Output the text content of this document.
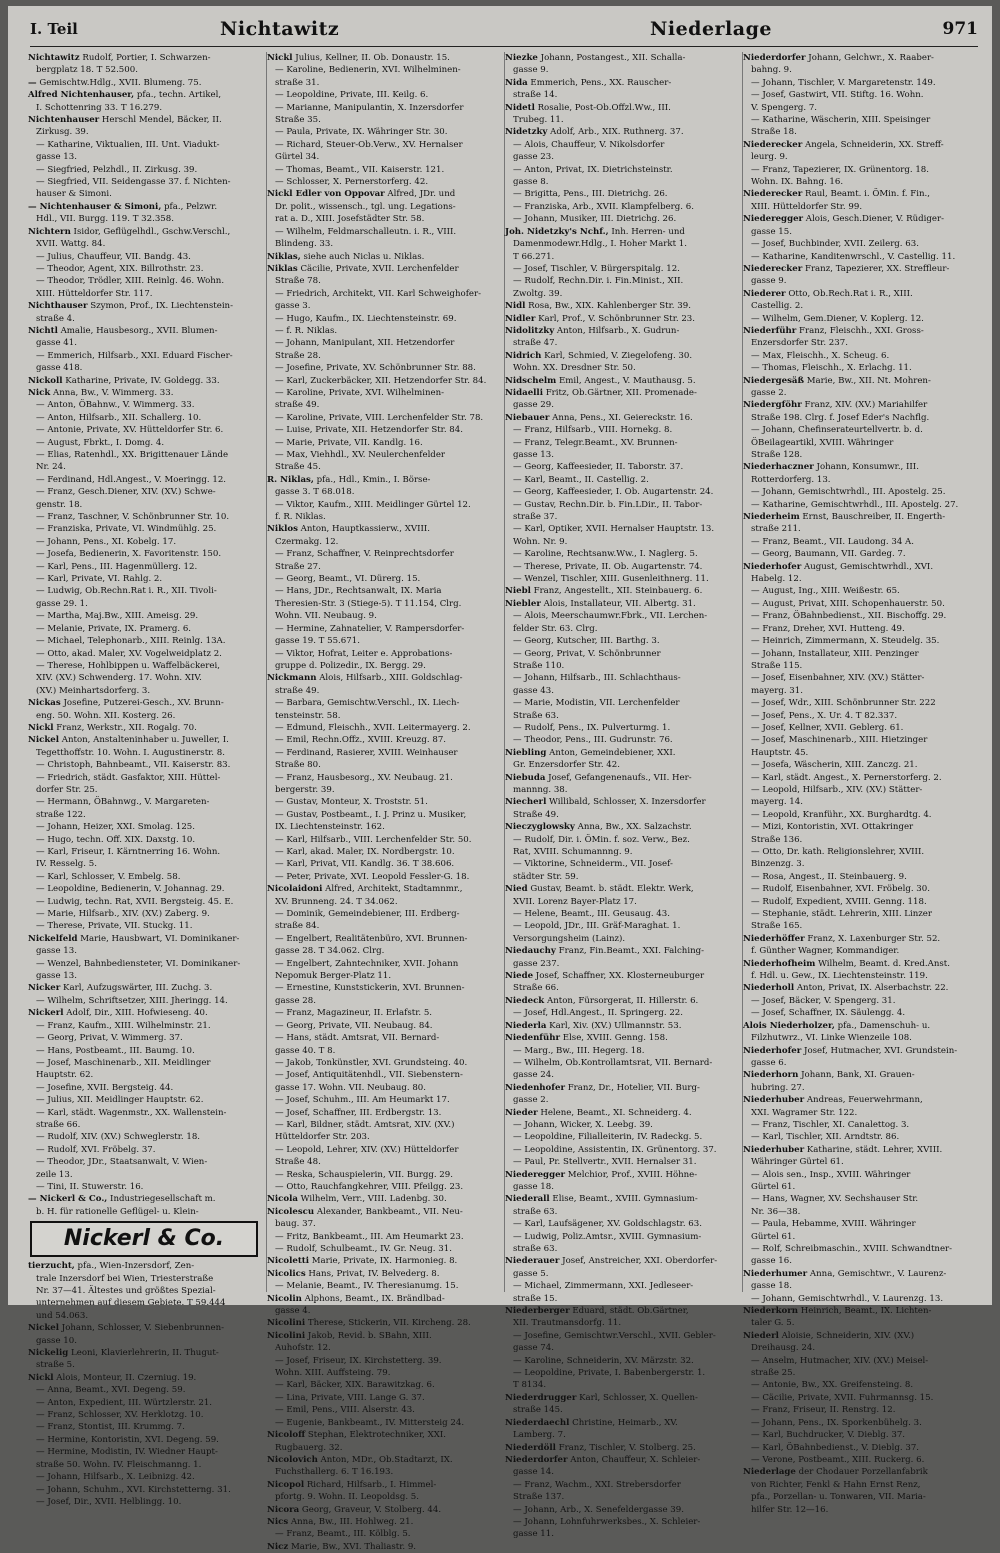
I. Teil	Nichtawitz	Niederlage	971
Nichtawitz Rudolf, Portier, I. Schwarzen-
bergplatz 18. T 52.500.
— Gemischtw.Hdlg., XVII. Blumeng. 75.
Alfred Nichtenhauser, pfa., techn. Artikel,
I. Schottenring 33. T 16.279.
Nichtenhauser Herschl Mendel, Bäcker, II.
Zirkusg. 39.
— Katharine, Viktualien, III. Unt. Viadukt-
gasse 13.
— Siegfried, Pelzhdl., II. Zirkusg. 39.
— Siegfried, VII. Seidengasse 37. f. Nichten-
hauser & Simoni.
— Nichtenhauser & Simoni, pfa., Pelzwr.
Hdl., VII. Burgg. 119. T 32.358.
Nichtern Isidor, Geflügelhdl., Gschw.Verschl.,
XVII. Wattg. 84.
— Julius, Chauffeur, VII. Bandg. 43.
— Theodor, Agent, XIX. Billrothstr. 23.
— Theodor, Trödler, XIII. Reinlg. 46. Wohn.
XIII. Hütteldorfer Str. 117.
Nichthauser Szymon, Prof., IX. Liechtenstein-
straße 4.
Nichtl Amalie, Hausbesorg., XVII. Blumen-
gasse 41.
— Emmerich, Hilfsarb., XXI. Eduard Fischer-
gasse 418.
Nickoll Katharine, Private, IV. Goldegg. 33.
Nick Anna, Bw., V. Wimmerg. 33.
— Anton, ÖBahnw., V. Wimmerg. 33.
— Anton, Hilfsarb., XII. Schallerg. 10.
— Antonie, Private, XV. Hütteldorfer Str. 6.
— August, Fbrkt., I. Domg. 4.
— Elias, Ratenhdl., XX. Brigittenauer Lände
Nr. 24.
— Ferdinand, Hdl.Angest., V. Moeringg. 12.
— Franz, Gesch.Diener, XIV. (XV.) Schwe-
genstr. 18.
— Franz, Taschner, V. Schönbrunner Str. 10.
— Franziska, Private, VI. Windmühlg. 25.
— Johann, Pens., XI. Kobelg. 17.
— Josefa, Bedienerin, X. Favoritenstr. 150.
— Karl, Pens., III. Hagenmüllerg. 12.
— Karl, Private, VI. Rahlg. 2.
— Ludwig, Ob.Rechn.Rat i. R., XII. Tivoli-
gasse 29. 1.
— Martha, Maj.Bw., XIII. Ameisg. 29.
— Melanie, Private, IX. Pramerg. 6.
— Michael, Telephonarb., XIII. Reinlg. 13A.
— Otto, akad. Maler, XV. Vogelweidplatz 2.
— Therese, Hohlbippen u. Waffelbäckerei,
XIV. (XV.) Schwenderg. 17. Wohn. XIV.
(XV.) Meinhartsdorferg. 3.
Nickas Josefine, Putzerei-Gesch., XV. Brunn-
eng. 50. Wohn. XII. Kosterg. 26.
Nickl Franz, Werkstr., XII. Rogalg. 70.
Nickel Anton, Anstalteninhaber u. Juweller, I.
Tegetthoffstr. 10. Wohn. I. Augustinerstr. 8.
— Christoph, Bahnbeamt., VII. Kaiserstr. 83.
— Friedrich, städt. Gasfaktor, XIII. Hüttel-
dorfer Str. 25.
— Hermann, ÖBahnwg., V. Margareten-
straße 122.
— Johann, Heizer, XXI. Smolag. 125.
— Hugo, techn. Off. XIX. Daxstg. 10.
— Karl, Friseur, I. Kärntnerring 16. Wohn.
IV. Resselg. 5.
— Karl, Schlosser, V. Embelg. 58.
— Leopoldine, Bedienerin, V. Johannag. 29.
— Ludwig, techn. Rat, XVII. Bergsteig. 45. E.
— Marie, Hilfsarb., XIV. (XV.) Zaberg. 9.
— Therese, Private, VII. Stuckg. 11.
Nickelfeld Marie, Hausbwart, VI. Dominikaner-
gasse 13.
— Wenzel, Bahnbediensteter, VI. Dominikaner-
gasse 13.
Nicker Karl, Aufzugswärter, III. Zuchg. 3.
— Wilhelm, Schriftsetzer, XIII. Jheringg. 14.
Nickerl Adolf, Dir., XIII. Hofwieseng. 40.
— Franz, Kaufm., XIII. Wilhelminstr. 21.
— Georg, Privat, V. Wimmerg. 37.
— Hans, Postbeamt., III. Baumg. 10.
— Josef, Maschinenarb., XII. Meidlinger
Hauptstr. 62.
— Josefine, XVII. Bergsteig. 44.
— Julius, XII. Meidlinger Hauptstr. 62.
— Karl, städt. Wagenmstr., XX. Wallenstein-
straße 66.
— Rudolf, XIV. (XV.) Schweglerstr. 18.
— Rudolf, XVI. Fröbelg. 37.
— Theodor, JDr., Staatsanwalt, V. Wien-
zeile 13.
— Tini, II. Stuwerstr. 16.
— Nickerl & Co., Industriegesellschaft m.
b. H. für rationelle Geflügel- u. Klein-
Nickerl & Co.
tierzucht, pfa., Wien-Inzersdorf, Zen-
trale Inzersdorf bei Wien, Triesterstraße
Nr. 37—41. Ältestes und größtes Spezial-
unternehmen auf diesem Gebiete. T 59.444
und 54.063.
Nickel Johann, Schlosser, V. Siebenbrunnen-
gasse 10.
Nickelig Leoni, Klavierlehrerin, II. Thugut-
straße 5.
Nickl Alois, Monteur, II. Czerniug. 19.
— Anna, Beamt., XVI. Degeng. 59.
— Anton, Expedient, III. Würtzlerstr. 21.
— Franz, Schlosser, XV. Herklotzg. 10.
— Franz, Stontist, III. Krummg. 7.
— Hermine, Kontoristin, XVI. Degeng. 59.
— Hermine, Modistin, IV. Wiedner Haupt-
straße 50. Wohn. IV. Fleischmanng. 1.
— Johann, Hilfsarb., X. Leibnizg. 42.
— Johann, Schuhm., XVI. Kirchstetterng. 31.
— Josef, Dir., XVII. Helblingg. 10.
Nickl Julius, Kellner, II. Ob. Donaustr. 15.
— Karoline, Bedienerin, XVI. Wilhelminen-
straße 31.
— Leopoldine, Private, III. Keilg. 6.
— Marianne, Manipulantin, X. Inzersdorfer
Straße 35.
— Paula, Private, IX. Währinger Str. 30.
— Richard, Steuer-Ob.Verw., XV. Hernalser
Gürtel 34.
— Thomas, Beamt., VII. Kaiserstr. 121.
— Schlosser, X. Pernerstorferg. 42.
Nickl Edler von Oppovar Alfred, JDr. und
Dr. polit., wissensch., tgl. ung. Legations-
rat a. D., XIII. Josefstädter Str. 58.
— Wilhelm, Feldmarschalleutn. i. R., VIII.
Blindeng. 33.
Niklas, siehe auch Niclas u. Niklas.
Niklas Cäcilie, Private, XVII. Lerchenfelder
Straße 78.
— Friedrich, Architekt, VII. Karl Schweighofer-
gasse 3.
— Hugo, Kaufm., IX. Liechtensteinstr. 69.
— f. R. Niklas.
— Johann, Manipulant, XII. Hetzendorfer
Straße 28.
— Josefine, Private, XV. Schönbrunner Str. 88.
— Karl, Zuckerbäcker, XII. Hetzendorfer Str. 84.
— Karoline, Private, XVI. Wilhelminen-
straße 49.
— Karoline, Private, VIII. Lerchenfelder Str. 78.
— Luise, Private, XII. Hetzendorfer Str. 84.
— Marie, Private, VII. Kandlg. 16.
— Max, Viehhdl., XV. Neulerchenfelder
Straße 45.
R. Niklas, pfa., Hdl., Kmin., I. Börse-
gasse 3. T 68.018.
— Viktor, Kaufm., XIII. Meidlinger Gürtel 12.
f. R. Niklas.
Niklos Anton, Hauptkassierw., XVIII.
Czermakg. 12.
— Franz, Schaffner, V. Reinprechtsdorfer
Straße 27.
— Georg, Beamt., VI. Dürerg. 15.
— Hans, JDr., Rechtsanwalt, IX. Maria
Theresien-Str. 3 (Stiege-5). T 11.154, Clrg.
Wohn. VII. Neubaug. 9.
— Hermine, Zahnatelier, V. Rampersdorfer-
gasse 19. T 55.671.
— Viktor, Hofrat, Leiter e. Approbations-
gruppe d. Polizedir., IX. Bergg. 29.
Nickmann Alois, Hilfsarb., XIII. Goldschlag-
straße 49.
— Barbara, Gemischtw.Verschl., IX. Liech-
tensteinstr. 58.
— Edmund, Fleischh., XVII. Leitermayerg. 2.
— Emil, Rechn.Offz., XVIII. Kreuzg. 87.
— Ferdinand, Rasierer, XVIII. Weinhauser
Straße 80.
— Franz, Hausbesorg., XV. Neubaug. 21.
bergerstr. 39.
— Gustav, Monteur, X. Troststr. 51.
— Gustav, Postbeamt., I. J. Prinz u. Musiker,
IX. Liechtensteinstr. 162.
— Karl, Hilfsarb., VIII. Lerchenfelder Str. 50.
— Karl, akad. Maler, IX. Nordbergstr. 10.
— Karl, Privat, VII. Kandlg. 36. T 38.606.
— Peter, Private, XVI. Leopold Fessler-G. 18.
Nicolaidoni Alfred, Architekt, Stadtamnmr.,
XV. Brunneng. 24. T 34.062.
— Dominik, Gemeindebiener, III. Erdberg-
straße 84.
— Engelbert, Realitätenbüro, XVI. Brunnen-
gasse 28. T 34.062. Clrg.
— Engelbert, Zahntechniker, XVII. Johann
Nepomuk Berger-Platz 11.
— Ernestine, Kunststickerin, XVI. Brunnen-
gasse 28.
— Franz, Magazineur, II. Erlafstr. 5.
— Georg, Private, VII. Neubaug. 84.
— Hans, städt. Amtsrat, VII. Bernard-
gasse 40. T 8.
— Jakob, Tonkünstler, XVI. Grundsteing. 40.
— Josef, Antiquitätenhdl., VII. Siebenstern-
gasse 17. Wohn. VII. Neubaug. 80.
— Josef, Schuhm., III. Am Heumarkt 17.
— Josef, Schaffner, III. Erdbergstr. 13.
— Karl, Bildner, städt. Amtsrat, XIV. (XV.)
Hütteldorfer Str. 203.
— Leopold, Lehrer, XIV. (XV.) Hütteldorfer
Straße 48.
— Reska, Schauspielerin, VII. Burgg. 29.
— Otto, Rauchfangkehrer, VIII. Pfeilgg. 23.
Nicola Wilhelm, Verr., VIII. Ladenbg. 30.
Nicolescu Alexander, Bankbeamt., VII. Neu-
baug. 37.
— Fritz, Bankbeamt., III. Am Heumarkt 23.
— Rudolf, Schulbeamt., IV. Gr. Neug. 31.
Nicoletti Marie, Private, IX. Harmonieg. 8.
Nicolics Hans, Privat, IV. Belvederg. 8.
— Melanie, Beamt., IV. Theresianumg. 15.
Nicolin Alphons, Beamt., IX. Brändlbad-
gasse 4.
Nicolini Therese, Stickerin, VII. Kircheng. 28.
Nicolini Jakob, Revid. b. SBahn, XIII.
Auhofstr. 12.
— Josef, Friseur, IX. Kirchstetterg. 39.
Wohn. XIII. Auffsteing. 79.
— Karl, Bäcker, XIX. Barawitzkag. 6.
— Lina, Private, VIII. Lange G. 37.
— Emil, Pens., VIII. Alserstr. 43.
— Eugenie, Bankbeamt., IV. Mittersteig 24.
Nicoloff Stephan, Elektrotechniker, XXI.
Rugbauerg. 32.
Nicolovich Anton, MDr., Ob.Stadtarzt, IX.
Fuchsthallerg. 6. T 16.193.
Nicopol Richard, Hilfsarb., I. Himmel-
pfortg. 9. Wohn. II. Leopoldsg. 5.
Nicora Georg, Graveur, V. Stolberg. 44.
Nics Anna, Bw., III. Hohlweg. 21.
— Franz, Beamt., III. Kölblg. 5.
Nicz Marie, Bw., XVI. Thaliastr. 9.
Niezke Johann, Postangest., XII. Schalla-
gasse 9.
Nida Emmerich, Pens., XX. Rauscher-
straße 14.
Nidetl Rosalie, Post-Ob.Offzl.Ww., III.
Trubeg. 11.
Nidetzky Adolf, Arb., XIX. Ruthnerg. 37.
— Alois, Chauffeur, V. Nikolsdorfer
gasse 23.
— Anton, Privat, IX. Dietrichsteinstr.
gasse 8.
— Brigitta, Pens., III. Dietrichg. 26.
— Franziska, Arb., XVII. Klampfelberg. 6.
— Johann, Musiker, III. Dietrichg. 26.
Joh. Nidetzky's Nchf., Inh. Herren- und
Damenmodewr.Hdlg., I. Hoher Markt 1.
T 66.271.
— Josef, Tischler, V. Bürgerspitalg. 12.
— Rudolf, Rechn.Dir. i. Fin.Minist., XII.
Zwoltg. 39.
Nidl Rosa, Bw., XIX. Kahlenberger Str. 39.
Nidler Karl, Prof., V. Schönbrunner Str. 23.
Nidolitzky Anton, Hilfsarb., X. Gudrun-
straße 47.
Nidrich Karl, Schmied, V. Ziegelofeng. 30.
Wohn. XX. Dresdner Str. 50.
Nidschelm Emil, Angest., V. Mauthausg. 5.
Nidaelli Fritz, Ob.Gärtner, XII. Promenade-
gasse 29.
Niebauer Anna, Pens., XI. Geiereckstr. 16.
— Franz, Hilfsarb., VIII. Hornekg. 8.
— Franz, Telegr.Beamt., XV. Brunnen-
gasse 13.
— Georg, Kaffeesieder, II. Taborstr. 37.
— Karl, Beamt., II. Castellig. 2.
— Georg, Kaffeesieder, I. Ob. Augartenstr. 24.
— Gustav, Rechn.Dir. b. Fin.LDir., II. Tabor-
straße 37.
— Karl, Optiker, XVII. Hernalser Hauptstr. 13.
Wohn. Nr. 9.
— Karoline, Rechtsanw.Ww., I. Naglerg. 5.
— Therese, Private, II. Ob. Augartenstr. 74.
— Wenzel, Tischler, XIII. Gusenleithnerg. 11.
Niebl Franz, Angestellt., XII. Steinbauerg. 6.
Niebler Alois, Installateur, VII. Albertg. 31.
— Alois, Meerschaumwr.Fbrk., VII. Lerchen-
felder Str. 63. Clrg.
— Georg, Kutscher, III. Barthg. 3.
— Georg, Privat, V. Schönbrunner
Straße 110.
— Johann, Hilfsarb., III. Schlachthaus-
gasse 43.
— Marie, Modistin, VII. Lerchenfelder
Straße 63.
— Rudolf, Pens., IX. Pulverturmg. 1.
— Theodor, Pens., III. Gudrunstr. 76.
Niebling Anton, Gemeindebiener, XXI.
Gr. Enzersdorfer Str. 42.
Niebuda Josef, Gefangenenaufs., VII. Her-
mannng. 38.
Niecherl Willibald, Schlosser, X. Inzersdorfer
Straße 49.
Nieczyglowsky Anna, Bw., XX. Salzachstr.
— Rudolf, Dir. i. ÖMin. f. soz. Verw., Bez.
Rat, XVIII. Schumannng. 9.
— Viktorine, Schneiderm., VII. Josef-
städter Str. 59.
Nied Gustav, Beamt. b. städt. Elektr. Werk,
XVII. Lorenz Bayer-Platz 17.
— Helene, Beamt., III. Geusaug. 43.
— Leopold, JDr., III. Gräf-Maraghat. 1.
Versorgungsheim (Lainz).
Niedauchy Franz, Fin.Beamt., XXI. Falching-
gasse 237.
Niede Josef, Schaffner, XX. Klosterneuburger
Straße 66.
Niedeck Anton, Fürsorgerat, II. Hillerstr. 6.
— Josef, Hdl.Angest., II. Springerg. 22.
Niederla Karl, Xiv. (XV.) Ullmannstr. 53.
Niedenführ Else, XVIII. Genng. 158.
— Marg., Bw., III. Hegerg. 18.
— Wilhelm, Ob.Kontrollamtsrat, VII. Bernard-
gasse 24.
Niedenhofer Franz, Dr., Hotelier, VII. Burg-
gasse 2.
Nieder Helene, Beamt., XI. Schneiderg. 4.
— Johann, Wicker, X. Leebg. 39.
— Leopoldine, Filialleiterin, IV. Radeckg. 5.
— Leopoldine, Assistentin, IX. Grünentorg. 37.
— Paul, Pr. Stellvertr., XVII. Hernalser 31.
Niederegger Melchior, Prof., XVIII. Höhne-
gasse 18.
Niederall Elise, Beamt., XVIII. Gymnasium-
straße 63.
— Karl, Laufsägener, XV. Goldschlagstr. 63.
— Ludwig, Poliz.Amtsr., XVIII. Gymnasium-
straße 63.
Niederauer Josef, Anstreicher, XXI. Oberdorfer-
gasse 5.
— Michael, Zimmermann, XXI. Jedleseer-
straße 15.
Niederberger Eduard, städt. Ob.Gärtner,
XII. Trautmansdorfg. 11.
— Josefine, Gemischtwr.Verschl., XVII. Gebler-
gasse 74.
— Karoline, Schneiderin, XV. Märzstr. 32.
— Leopoldine, Private, I. Babenbergerstr. 1.
T 8134.
Niederdrugger Karl, Schlosser, X. Quellen-
straße 145.
Niederdaechl Christine, Heimarb., XV.
Lamberg. 7.
Niederdöll Franz, Tischler, V. Stolberg. 25.
Niederdorfer Anton, Chauffeur, X. Schleier-
gasse 14.
— Franz, Wachm., XXI. Strebersdorfer
Straße 137.
— Johann, Arb., X. Senefeldergasse 39.
— Johann, Lohnfuhrwerksbes., X. Schleier-
gasse 11.
Niederdorfer Johann, Gelchwr., X. Raaber-
bahng. 9.
— Johann, Tischler, V. Margaretenstr. 149.
— Josef, Gastwirt, VII. Stiftg. 16. Wohn.
V. Spengerg. 7.
— Katharine, Wäscherin, XIII. Speisinger
Straße 18.
Niederecker Angela, Schneiderin, XX. Streff-
leurg. 9.
— Franz, Tapezierer, IX. Grünentorg. 18.
Wohn. IX. Bahng. 16.
Niederecker Raul, Beamt. i. ÖMin. f. Fin.,
XIII. Hütteldorfer Str. 99.
Niederegger Alois, Gesch.Diener, V. Rüdiger-
gasse 15.
— Josef, Buchbinder, XVII. Zeilerg. 63.
— Katharine, Kanditenwrschl., V. Castellig. 11.
Niederecker Franz, Tapezierer, XX. Streffleur-
gasse 9.
Niederer Otto, Ob.Rech.Rat i. R., XIII.
Castellig. 2.
— Wilhelm, Gem.Diener, V. Koplerg. 12.
Niederführ Franz, Fleischh., XXI. Gross-
Enzersdorfer Str. 237.
— Max, Fleischh., X. Scheug. 6.
— Thomas, Fleischh., X. Erlachg. 11.
Niedergesäß Marie, Bw., XII. Nt. Mohren-
gasse 2.
Niedergföhr Franz, XIV. (XV.) Mariahilfer
Straße 198. Clrg. f. Josef Eder's Nachflg.
— Johann, Chefinserateurtellvertr. b. d.
ÖBeilageartikl, XVIII. Währinger
Straße 128.
Niederhaczner Johann, Konsumwr., III.
Rotterdorferg. 13.
— Johann, Gemischtwrhdl., III. Apostelg. 25.
— Katharine, Gemischtwrhdl., III. Apostelg. 27.
Niederheim Ernst, Bauschreiber, II. Engerth-
straße 211.
— Franz, Beamt., VII. Laudong. 34 A.
— Georg, Baumann, VII. Gardeg. 7.
Niederhofer August, Gemischtwrhdl., XVI.
Habelg. 12.
— August, Ing., XIII. Weißestr. 65.
— August, Privat, XIII. Schopenhauerstr. 50.
— Franz, ÖBahnbedienst., XII. Bischoffg. 29.
— Franz, Dreher, XVI. Hutteng. 49.
— Heinrich, Zimmermann, X. Steudelg. 35.
— Johann, Installateur, XIII. Penzinger
Straße 115.
— Josef, Eisenbahner, XIV. (XV.) Stätter-
mayerg. 31.
— Josef, Wdr., XIII. Schönbrunner Str. 222
— Josef, Pens., X. Ur. 4. T 82.337.
— Josef, Kellner, XVII. Geblerg. 61.
— Josef, Maschinenarb., XIII. Hietzinger
Hauptstr. 45.
— Josefa, Wäscherin, XIII. Zanczg. 21.
— Karl, städt. Angest., X. Pernerstorferg. 2.
— Leopold, Hilfsarb., XIV. (XV.) Stätter-
mayerg. 14.
— Leopold, Kranführ., XX. Burghardtg. 4.
— Mizi, Kontoristin, XVI. Ottakringer
Straße 136.
— Otto, Dr. kath. Religionslehrer, XVIII.
Binzenzg. 3.
— Rosa, Angest., II. Steinbauerg. 9.
— Rudolf, Eisenbahner, XVI. Fröbelg. 30.
— Rudolf, Expedient, XVIII. Genng. 118.
— Stephanie, städt. Lehrerin, XIII. Linzer
Straße 165.
Niederhöffer Franz, X. Laxenburger Str. 52.
f. Günther Wagner, Kommandiger.
Niederhofheim Wilhelm, Beamt. d. Kred.Anst.
f. Hdl. u. Gew., IX. Liechtensteinstr. 119.
Niederholl Anton, Privat, IX. Alserbachstr. 22.
— Josef, Bäcker, V. Spengerg. 31.
— Josef, Schaffner, IX. Säulengg. 4.
Alois Niederholzer, pfa., Damenschuh- u.
Filzhutwrz., VI. Linke Wienzeile 108.
Niederhofer Josef, Hutmacher, XVI. Grundstein-
gasse 6.
Niederhorn Johann, Bank, XI. Grauen-
hubring. 27.
Niederhuber Andreas, Feuerwehrmann,
XXI. Wagramer Str. 122.
— Franz, Tischler, XI. Canalettog. 3.
— Karl, Tischler, XII. Arndtstr. 86.
Niederhuber Katharine, städt. Lehrer, XVIII.
Währinger Gürtel 61.
— Alois sen., Insp., XVIII. Währinger
Gürtel 61.
— Hans, Wagner, XV. Sechshauser Str.
Nr. 36—38.
— Paula, Hebamme, XVIII. Währinger
Gürtel 61.
— Rolf, Schreibmaschin., XVIII. Schwandtner-
gasse 16.
Niederhumer Anna, Gemischtwr., V. Laurenz-
gasse 18.
— Johann, Gemischtwrhdl., V. Laurenzg. 13.
Niederkorn Heinrich, Beamt., IX. Lichten-
taler G. 5.
Niederl Aloisie, Schneiderin, XIV. (XV.)
Dreihausg. 24.
— Anselm, Hutmacher, XIV. (XV.) Meisel-
straße 25.
— Antonie, Bw., XX. Greifensteing. 8.
— Cäcilie, Private, XVII. Fuhrmannsg. 15.
— Franz, Friseur, II. Renstrg. 12.
— Johann, Pens., IX. Sporkenbühelg. 3.
— Karl, Buchdrucker, V. Dieblg. 37.
— Karl, ÖBahnbedienst., V. Dieblg. 37.
— Verone, Postbeamt., XIII. Ruckerg. 6.
Niederlage der Chodauer Porzellanfabrik
von Richter, Fenkl & Hahn Ernst Renz,
pfa., Porzellan- u. Tonwaren, VII. Maria-
hilfer Str. 12—16.
